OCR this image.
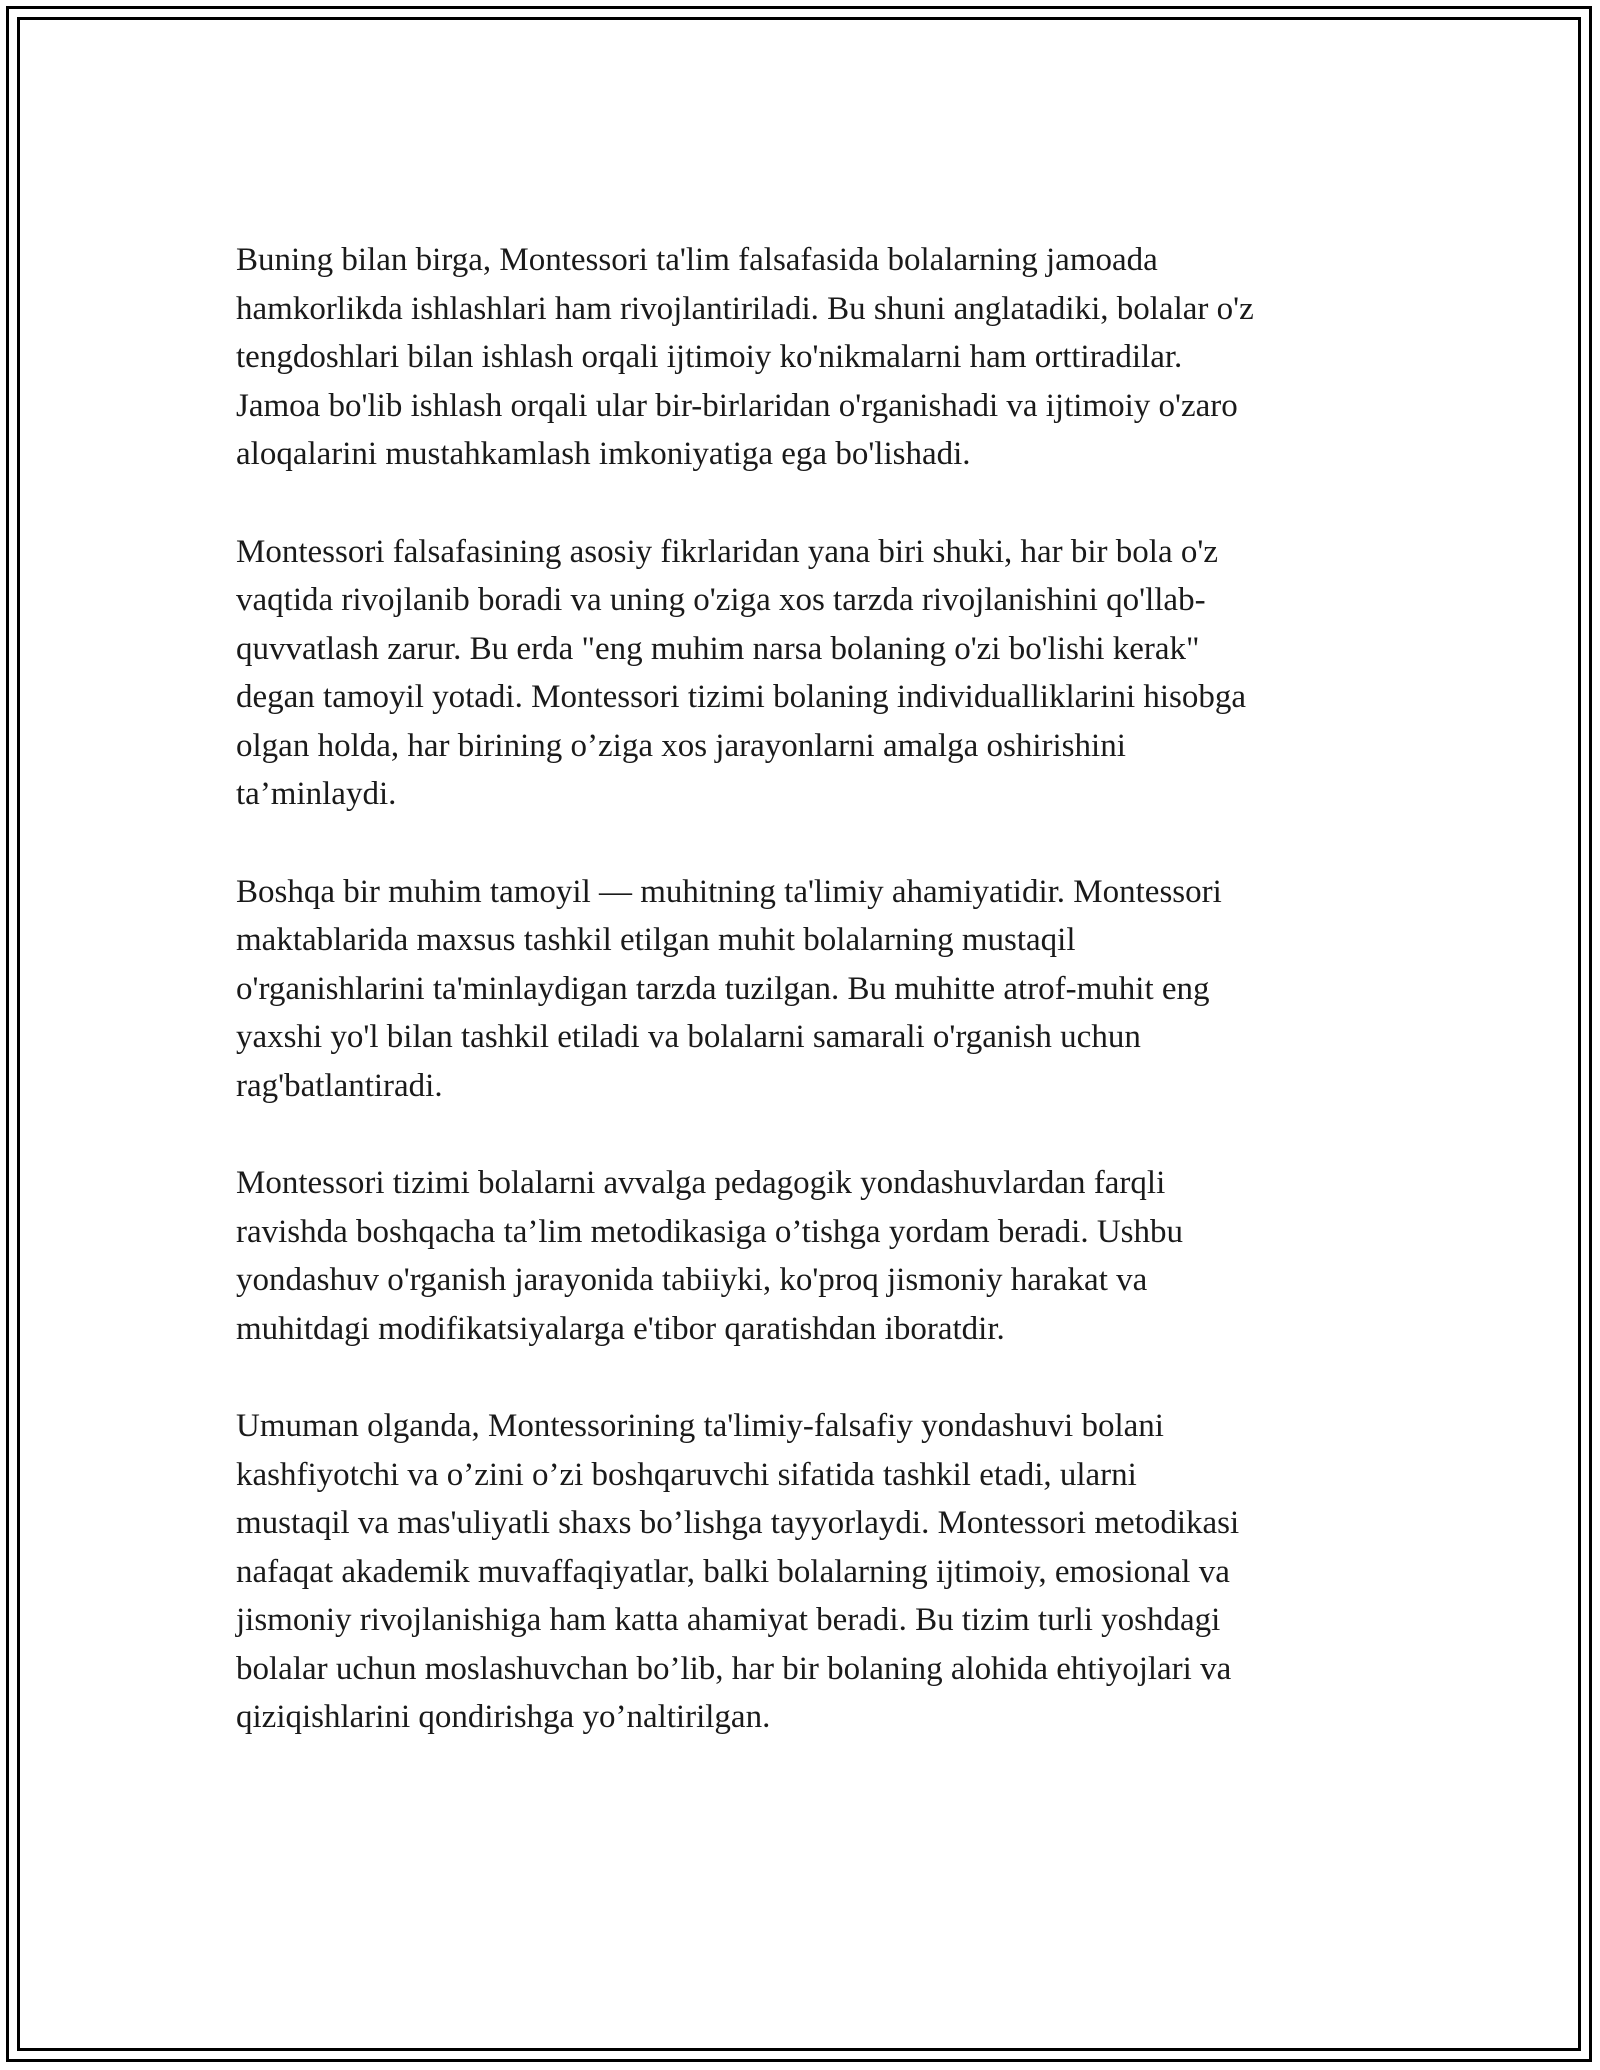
Buning bilan birga, Montessori ta'lim falsafasida bolalarning jamoada
hamkorlikda ishlashlari ham rivojlantiriladi. Bu shuni anglatadiki, bolalar o'z
tengdoshlari bilan ishlash orqali ijtimoiy ko'nikmalarni ham orttiradilar.
Jamoa bo'lib ishlash orqali ular bir-birlaridan o'rganishadi va ijtimoiy o'zaro
aloqalarini mustahkamlash imkoniyatiga ega bo'lishadi.

Montessori falsafasining asosiy fikrlaridan yana biri shuki, har bir bola o'z
vaqtida rivojlanib boradi va uning o'ziga xos tarzda rivojlanishini qo'llab-
quvvatlash zarur. Bu erda "eng muhim narsa bolaning o'zi bo'lishi kerak"
degan tamoyil yotadi. Montessori tizimi bolaning individualliklarini hisobga
olgan holda, har birining o’ziga xos jarayonlarni amalga oshirishini
ta’minlaydi.

Boshqa bir muhim tamoyil — muhitning ta'limiy ahamiyatidir. Montessori
maktablarida maxsus tashkil etilgan muhit bolalarning mustaqil
o'rganishlarini ta'minlaydigan tarzda tuzilgan. Bu muhitte atrof-muhit eng
yaxshi yo'l bilan tashkil etiladi va bolalarni samarali o'rganish uchun
rag'batlantiradi.

Montessori tizimi bolalarni avvalga pedagogik yondashuvlardan farqli
ravishda boshqacha ta’lim metodikasiga o’tishga yordam beradi. Ushbu
yondashuv o'rganish jarayonida tabiiyki, ko'proq jismoniy harakat va
muhitdagi modifikatsiyalarga e'tibor qaratishdan iboratdir.

Umuman olganda, Montessorining ta'limiy-falsafiy yondashuvi bolani
kashfiyotchi va o’zini o’zi boshqaruvchi sifatida tashkil etadi, ularni
mustaqil va mas'uliyatli shaxs bo’lishga tayyorlaydi. Montessori metodikasi
nafaqat akademik muvaffaqiyatlar, balki bolalarning ijtimoiy, emosional va
jismoniy rivojlanishiga ham katta ahamiyat beradi. Bu tizim turli yoshdagi
bolalar uchun moslashuvchan bo’lib, har bir bolaning alohida ehtiyojlari va
qiziqishlarini qondirishga yo’naltirilgan.
